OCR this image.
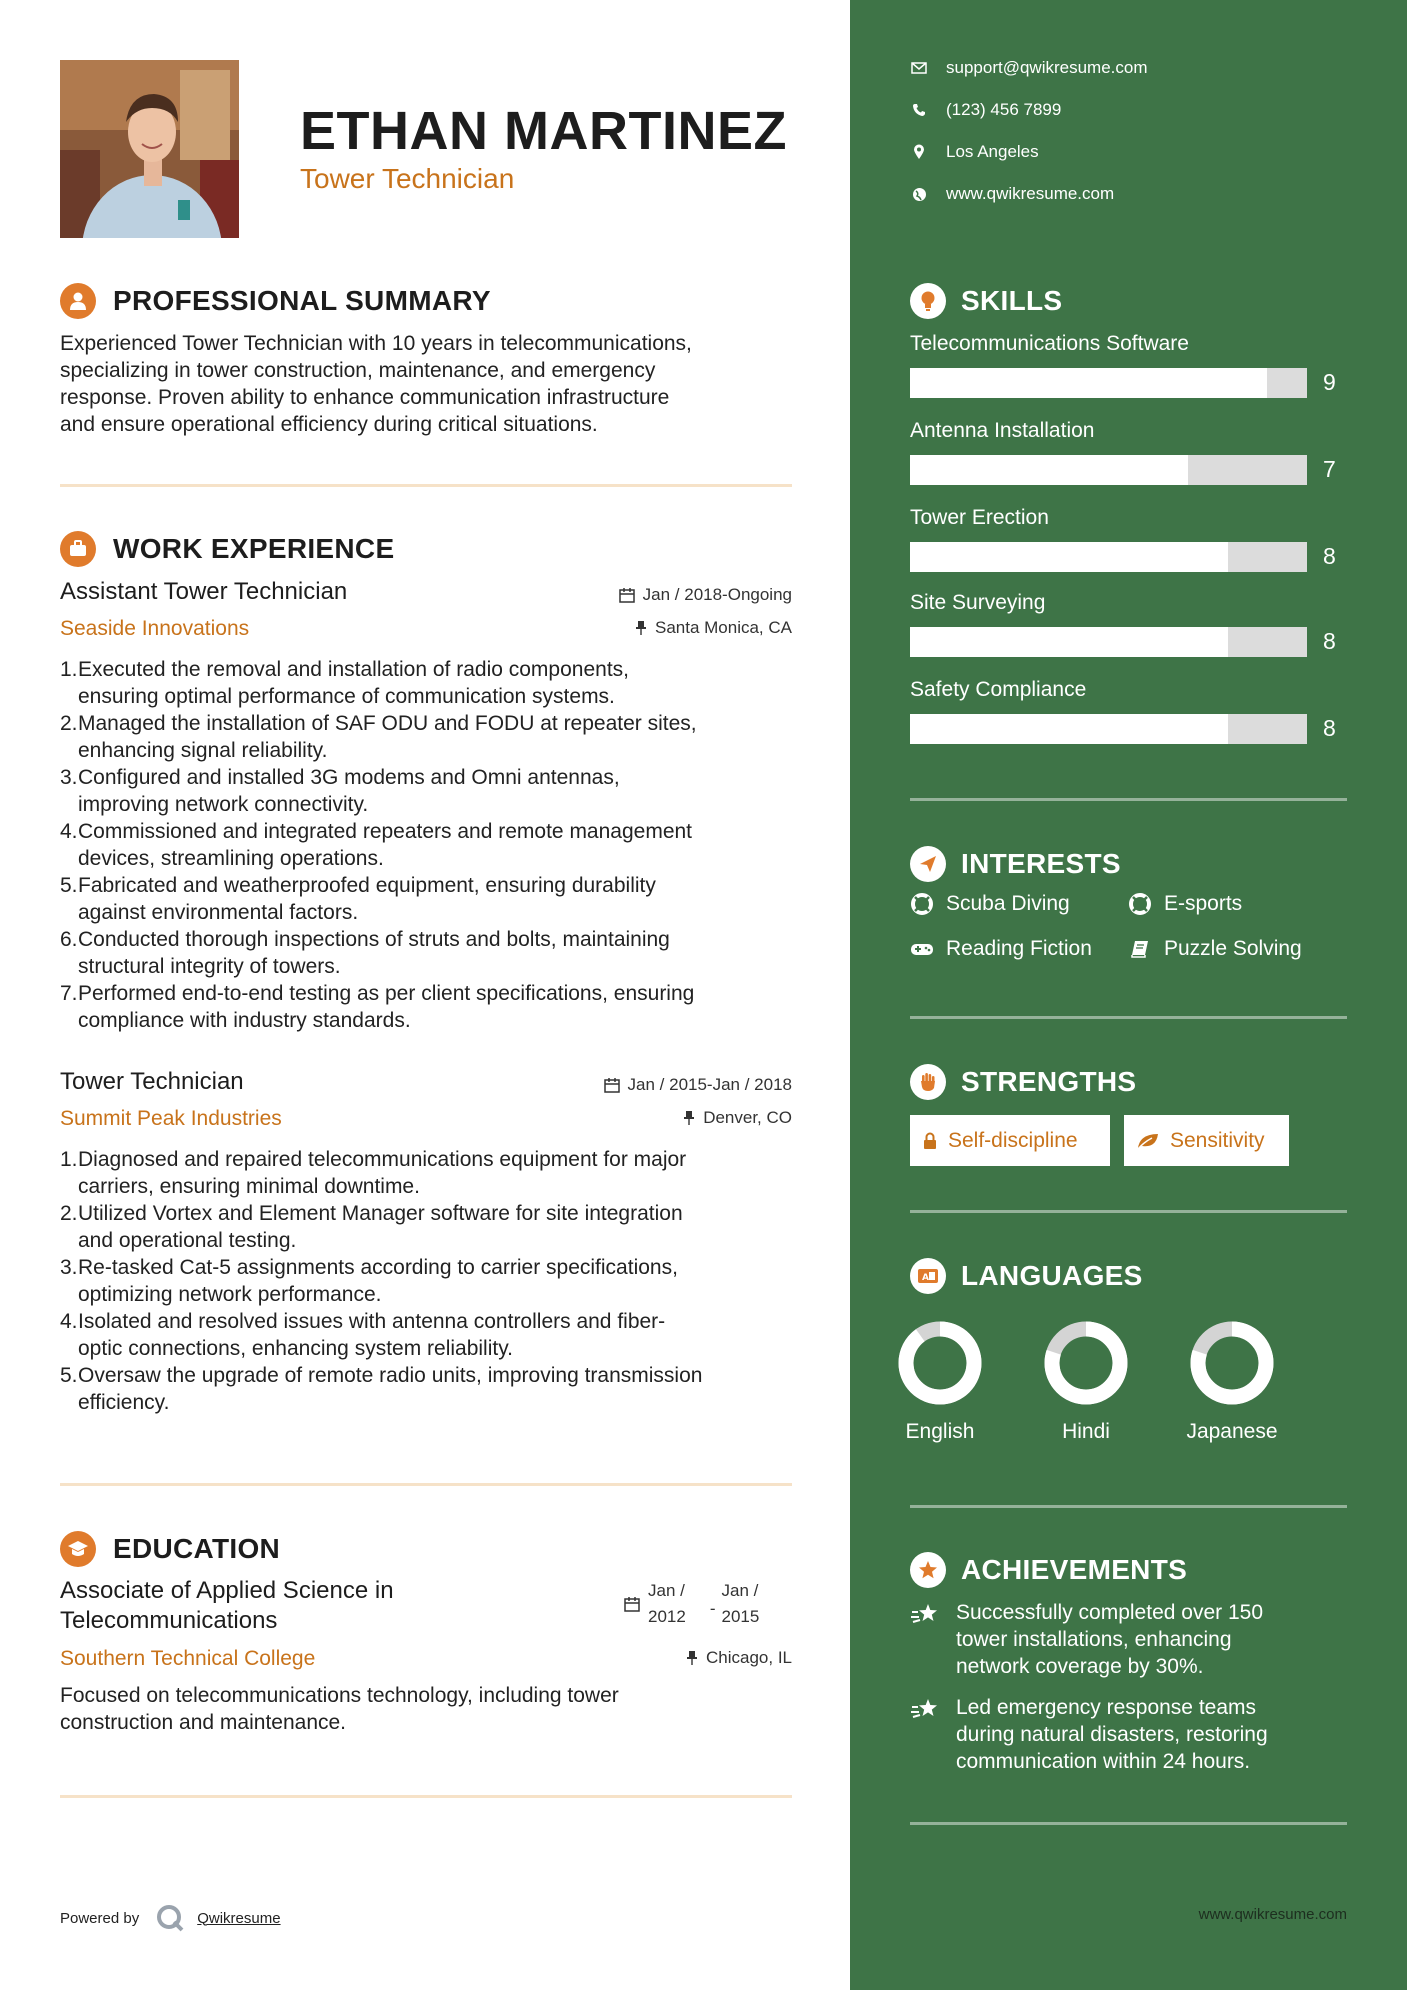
ETHAN MARTINEZ
Tower Technician
PROFESSIONAL SUMMARY
Experienced Tower Technician with 10 years in telecommunications,
specializing in tower construction, maintenance, and emergency
response. Proven ability to enhance communication infrastructure
and ensure operational efficiency during critical situations.
WORK EXPERIENCE
Assistant Tower Technician	Jan / 2018-Ongoing
Seaside Innovations	Santa Monica, CA
1. Executed the removal and installation of radio components,
ensuring optimal performance of communication systems.
2. Managed the installation of SAF ODU and FODU at repeater sites,
enhancing signal reliability.
3. Configured and installed 3G modems and Omni antennas,
improving network connectivity.
4. Commissioned and integrated repeaters and remote management
devices, streamlining operations.
5. Fabricated and weatherproofed equipment, ensuring durability
against environmental factors.
6. Conducted thorough inspections of struts and bolts, maintaining
structural integrity of towers.
7. Performed end-to-end testing as per client specifications, ensuring
compliance with industry standards.
Tower Technician	Jan / 2015-Jan / 2018
Summit Peak Industries	Denver, CO
1. Diagnosed and repaired telecommunications equipment for major
carriers, ensuring minimal downtime.
2. Utilized Vortex and Element Manager software for site integration
and operational testing.
3. Re-tasked Cat-5 assignments according to carrier specifications,
optimizing network performance.
4. Isolated and resolved issues with antenna controllers and fiber-
optic connections, enhancing system reliability.
5. Oversaw the upgrade of remote radio units, improving transmission
efficiency.
EDUCATION
Associate of Applied Science in
Telecommunications
Jan /
2012 -
Jan /
2015
Southern Technical College	Chicago, IL
Focused on telecommunications technology, including tower
construction and maintenance.
Powered by	Qwikresume
support@qwikresume.com
(123) 456 7899
Los Angeles
www.qwikresume.com
SKILLS
Telecommunications Software
9
Antenna Installation
7
Tower Erection
8
Site Surveying
8
Safety Compliance
8
INTERESTS
Scuba Diving	E-sports
Reading Fiction	Puzzle Solving
STRENGTHS
Self-discipline	Sensitivity
A LANGUAGES
English	Hindi	Japanese
ACHIEVEMENTS
Successfully completed over 150
tower installations, enhancing
network coverage by 30%.
Led emergency response teams
during natural disasters, restoring
communication within 24 hours.
www.qwikresume.com
